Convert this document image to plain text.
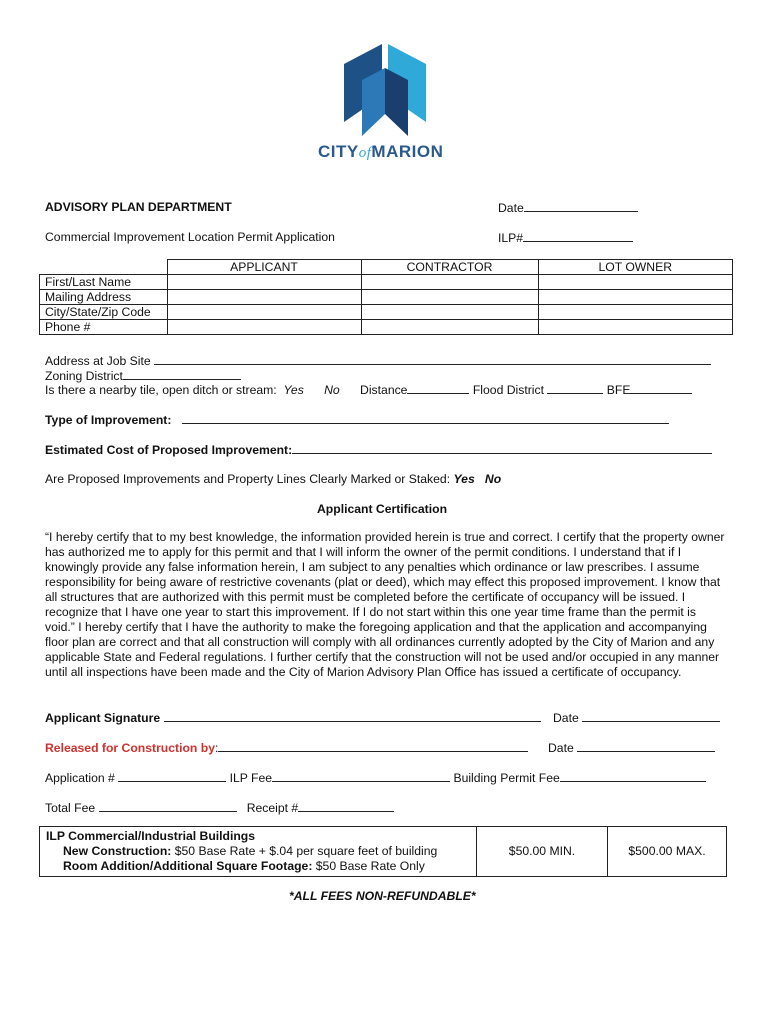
CITYofMARION
ADVISORY PLAN DEPARTMENT	Date
Commercial Improvement Location Permit Application	ILP#
	APPLICANT	CONTRACTOR	LOT OWNER
First/Last Name			
Mailing Address			
City/State/Zip Code			
Phone #			
Address at Job Site
Zoning District
Is there a nearby tile, open ditch or stream: Yes No Distance	Flood District	BFE
Type of Improvement:
Estimated Cost of Proposed Improvement:
Are Proposed Improvements and Property Lines Clearly Marked or Staked: Yes No
Applicant Certification
“I hereby certify that to my best knowledge, the information provided herein is true and correct. I certify that the property owner has authorized me to apply for this permit and that I will inform the owner of the permit conditions. I understand that if I knowingly provide any false information herein, I am subject to any penalties which ordinance or law prescribes. I assume responsibility for being aware of restrictive covenants (plat or deed), which may effect this proposed improvement. I know that all structures that are authorized with this permit must be completed before the certificate of occupancy will be issued. I recognize that I have one year to start this improvement. If I do not start within this one year time frame than the permit is void.” I hereby certify that I have the authority to make the foregoing application and that the application and accompanying floor plan are correct and that all construction will comply with all ordinances currently adopted by the City of Marion and any applicable State and Federal regulations. I further certify that the construction will not be used and/or occupied in any manner until all inspections have been made and the City of Marion Advisory Plan Office has issued a certificate of occupancy.
Applicant Signature	Date
Released for Construction by:	Date
Application #	ILP Fee	Building Permit Fee
Total Fee	Receipt #
ILP Commercial/Industrial Buildings
New Construction: $50 Base Rate + $.04 per square feet of building
Room Addition/Additional Square Footage: $50 Base Rate Only
	$50.00 MIN.	$500.00 MAX.
*ALL FEES NON-REFUNDABLE*
